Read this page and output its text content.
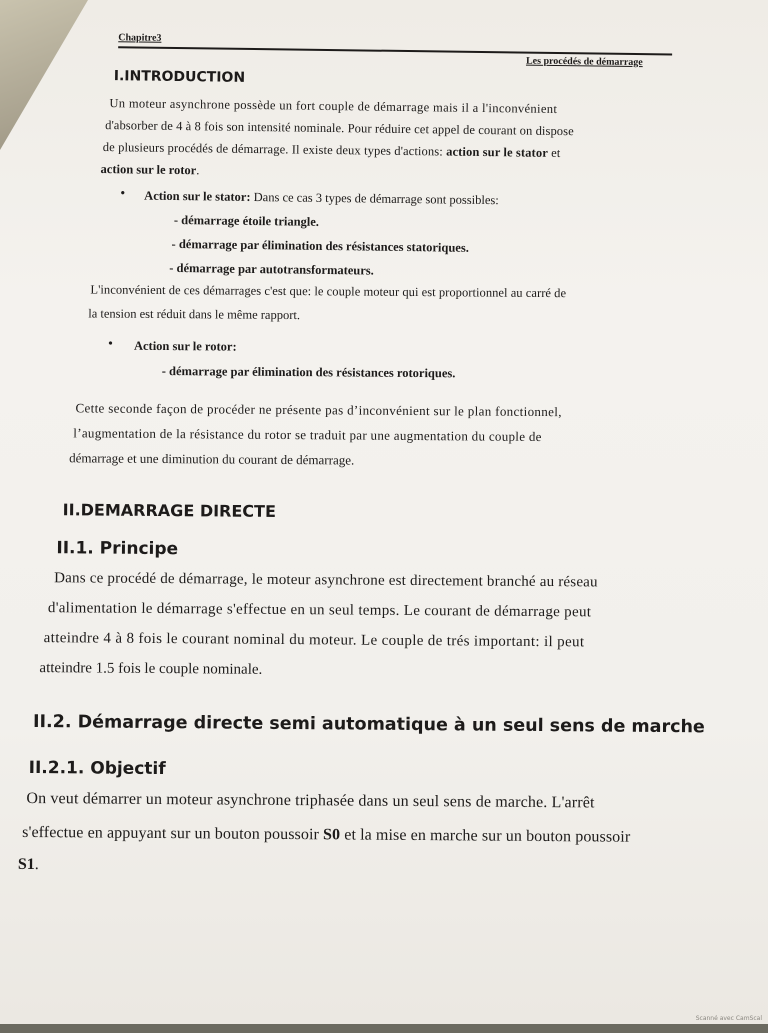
Chapitre3
Les procédés de démarrage
I.INTRODUCTION
Un moteur asynchrone possède un fort couple de démarrage mais il a l'inconvénient
d'absorber de 4 à 8 fois son intensité nominale. Pour réduire cet appel de courant on dispose
de plusieurs procédés de démarrage. Il existe deux types d'actions: action sur le stator et
action sur le rotor.
• Action sur le stator: Dans ce cas 3 types de démarrage sont possibles:
- démarrage étoile triangle.
- démarrage par élimination des résistances statoriques.
- démarrage par autotransformateurs.
L'inconvénient de ces démarrages c'est que: le couple moteur qui est proportionnel au carré de
la tension est réduit dans le même rapport.
• Action sur le rotor:
- démarrage par élimination des résistances rotoriques.
Cette seconde façon de procéder ne présente pas d’inconvénient sur le plan fonctionnel,
l’augmentation de la résistance du rotor se traduit par une augmentation du couple de
démarrage et une diminution du courant de démarrage.
II.DEMARRAGE DIRECTE
II.1. Principe
Dans ce procédé de démarrage, le moteur asynchrone est directement branché au réseau
d'alimentation le démarrage s'effectue en un seul temps. Le courant de démarrage peut
atteindre 4 à 8 fois le courant nominal du moteur. Le couple de trés important: il peut
atteindre 1.5 fois le couple nominale.
II.2. Démarrage directe semi automatique à un seul sens de marche
II.2.1. Objectif
On veut démarrer un moteur asynchrone triphasée dans un seul sens de marche. L'arrêt
s'effectue en appuyant sur un bouton poussoir S0 et la mise en marche sur un bouton poussoir
S1.
Scanné avec CamScal
